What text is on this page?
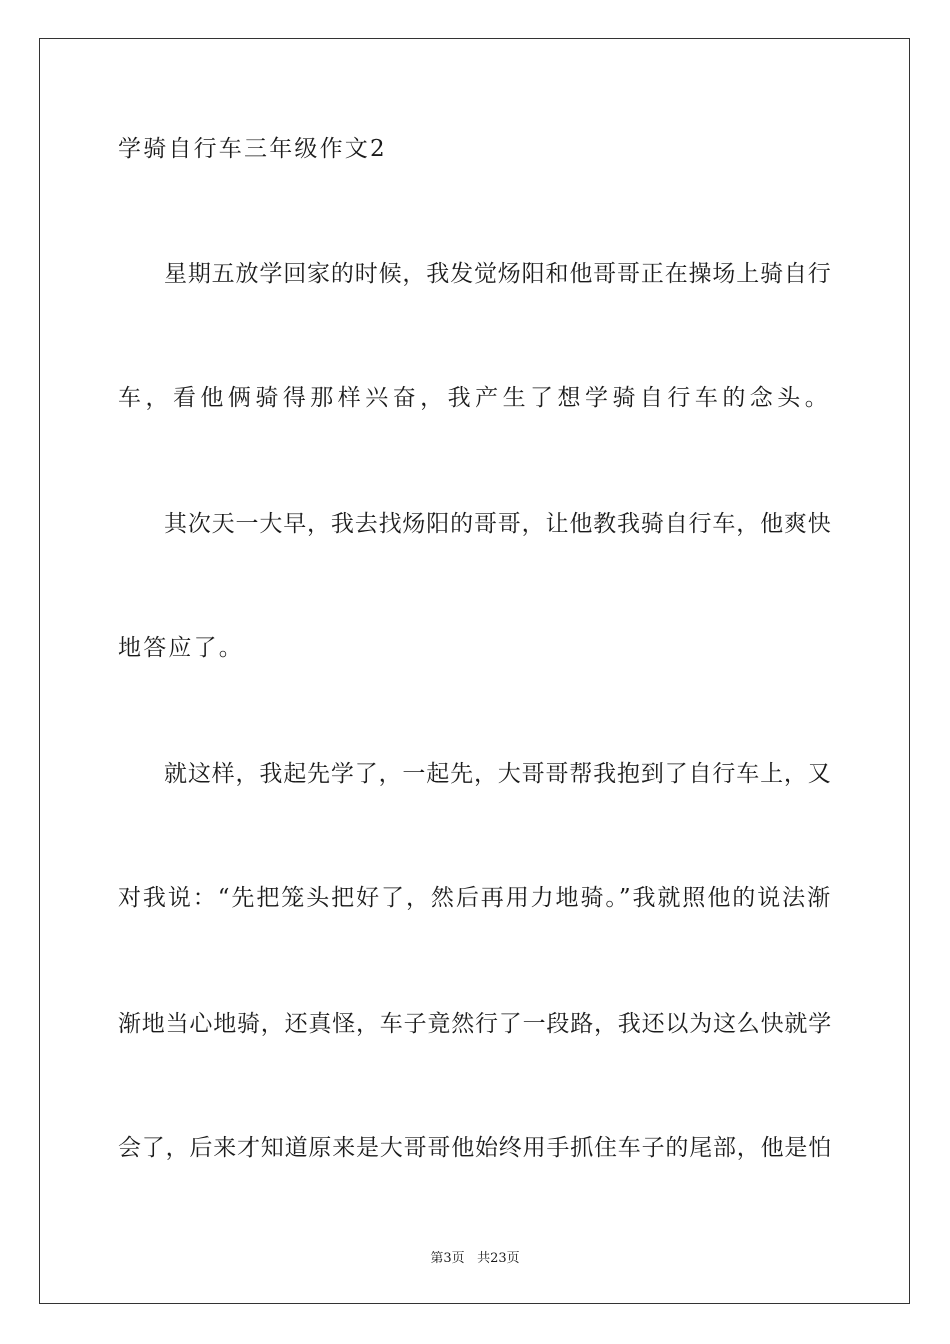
学骑自行车三年级作文2
星期五放学回家的时候，我发觉炀阳和他哥哥正在操场上骑自行
车，看他俩骑得那样兴奋，我产生了想学骑自行车的念头。
其次天一大早，我去找炀阳的哥哥，让他教我骑自行车，他爽快
地答应了。
就这样，我起先学了，一起先，大哥哥帮我抱到了自行车上，又
对我说：“先把笼头把好了，然后再用力地骑。”我就照他的说法渐
渐地当心地骑，还真怪，车子竟然行了一段路，我还以为这么快就学
会了，后来才知道原来是大哥哥他始终用手抓住车子的尾部，他是怕
第3页 共23页
